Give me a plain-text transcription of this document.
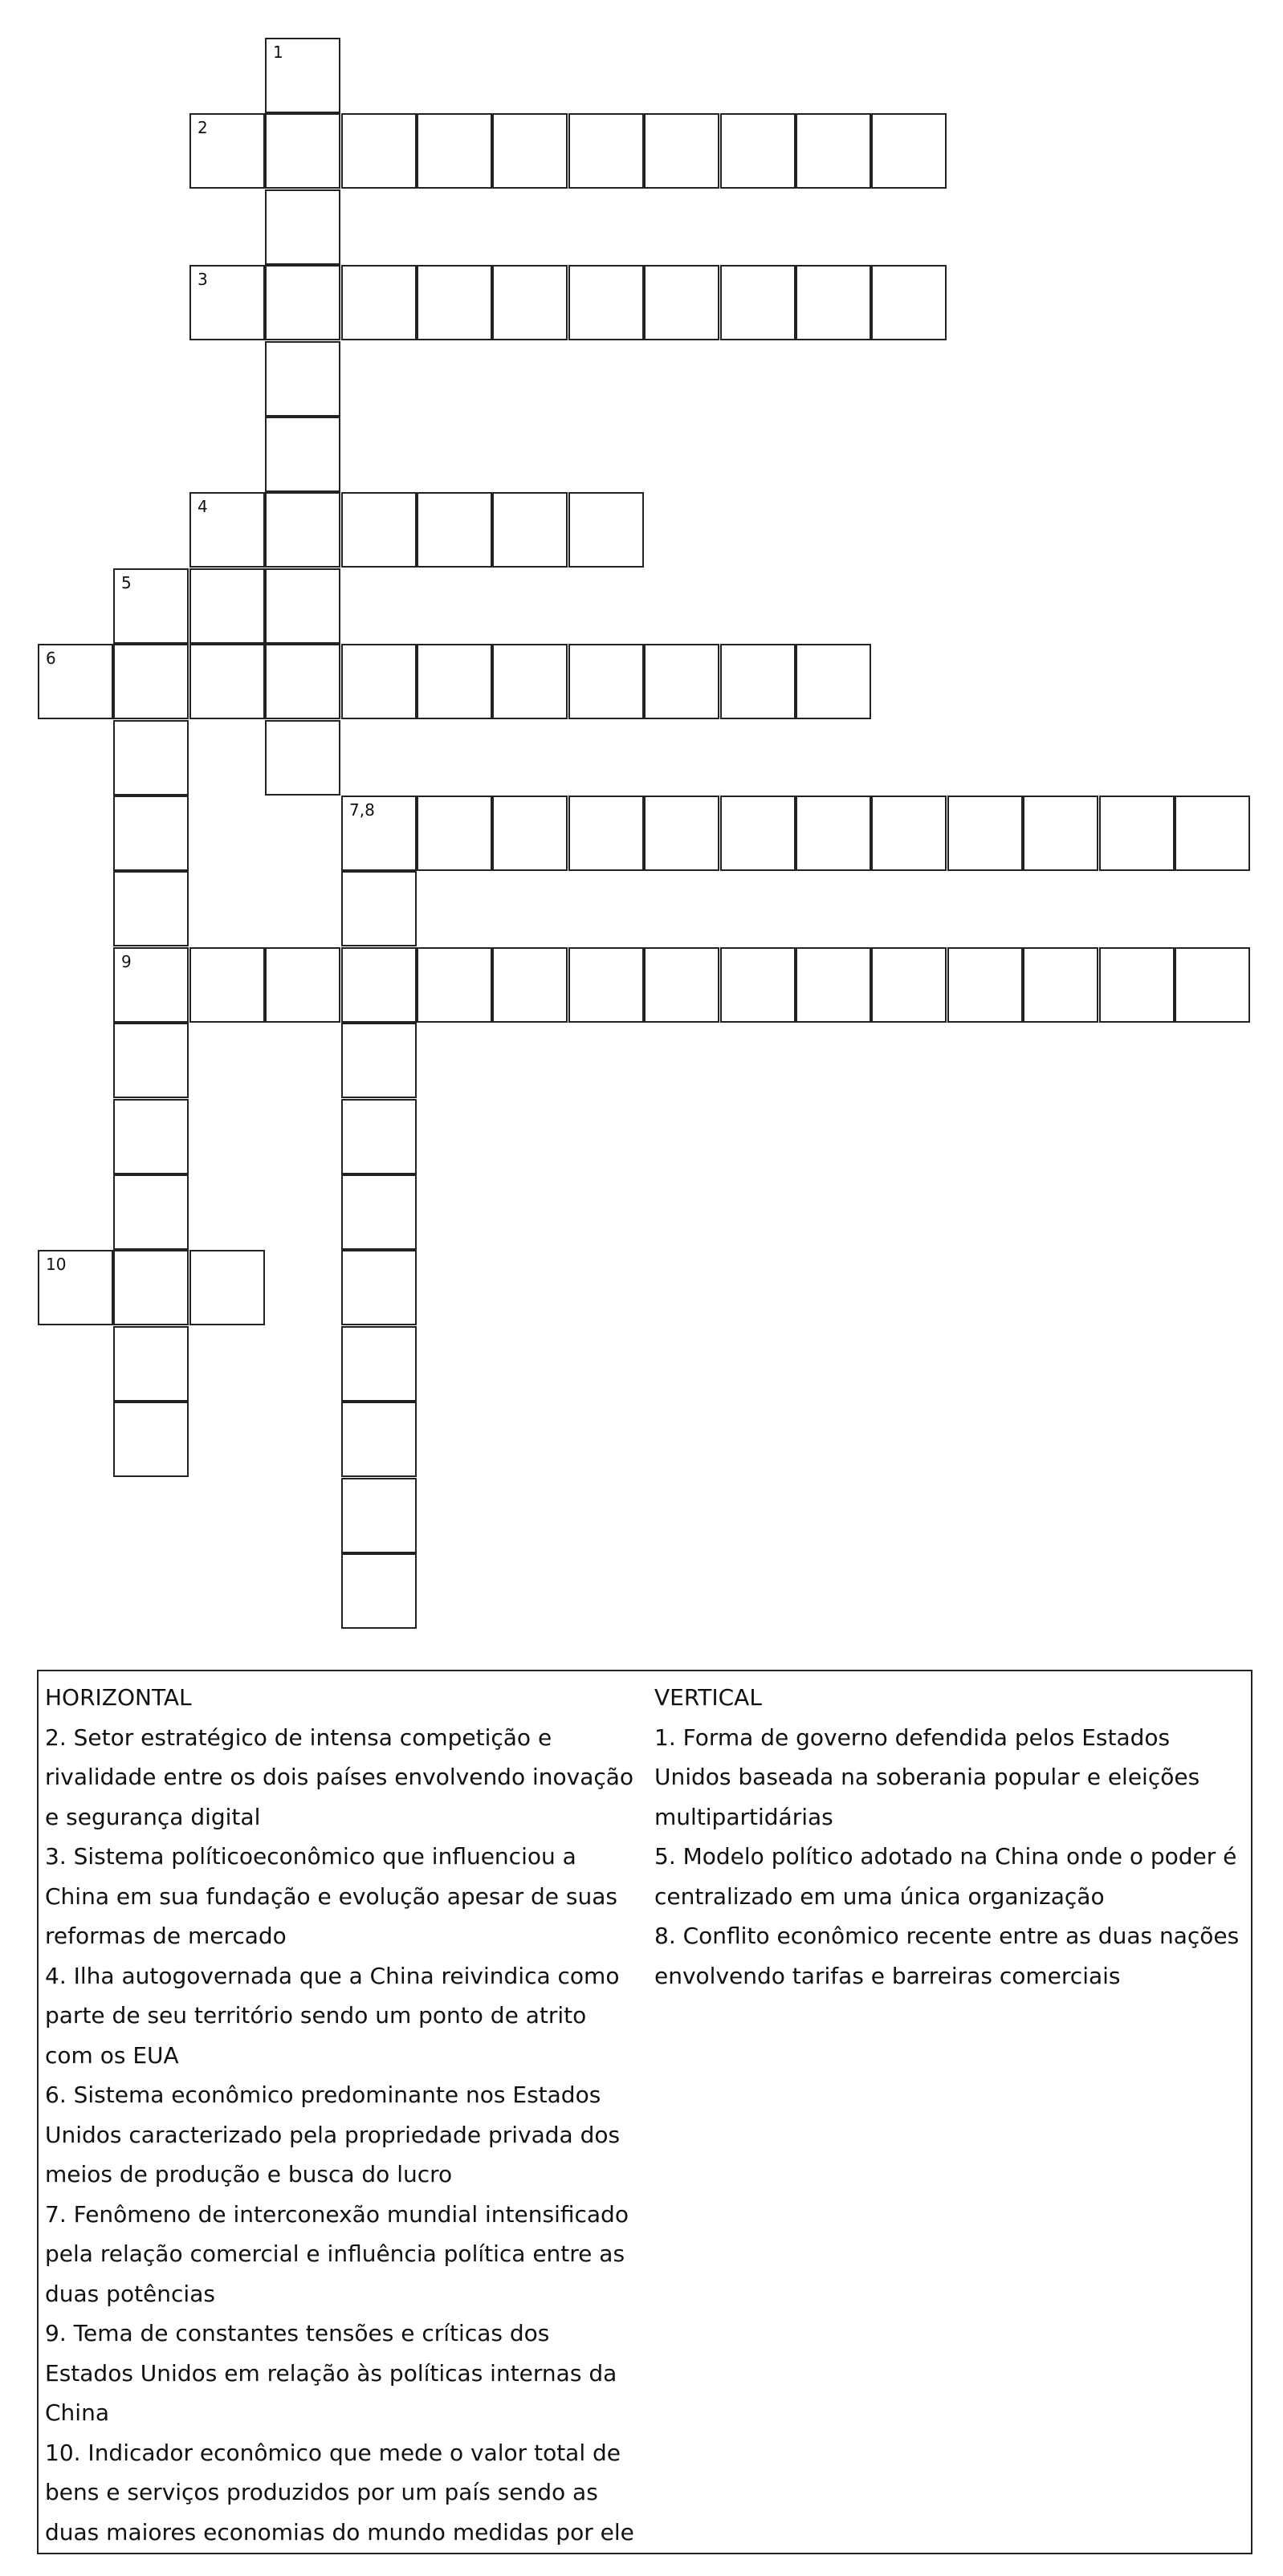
1
2
3
4
5
6
7,8
9
10
HORIZONTAL

2. Setor estratégico de intensa competição e rivalidade entre os dois países envolvendo inovação e segurança digital

3. Sistema políticoeconômico que influenciou a China em sua fundação e evolução apesar de suas reformas de mercado

4. Ilha autogovernada que a China reivindica como parte de seu território sendo um ponto de atrito com os EUA

6. Sistema econômico predominante nos Estados Unidos caracterizado pela propriedade privada dos meios de produção e busca do lucro

7. Fenômeno de interconexão mundial intensificado pela relação comercial e influência política entre as duas potências

9. Tema de constantes tensões e críticas dos Estados Unidos em relação às políticas internas da China

10. Indicador econômico que mede o valor total de bens e serviços produzidos por um país sendo as duas maiores economias do mundo medidas por ele

VERTICAL

1. Forma de governo defendida pelos Estados Unidos baseada na soberania popular e eleições multipartidárias

5. Modelo político adotado na China onde o poder é centralizado em uma única organização

8. Conflito econômico recente entre as duas nações envolvendo tarifas e barreiras comerciais
